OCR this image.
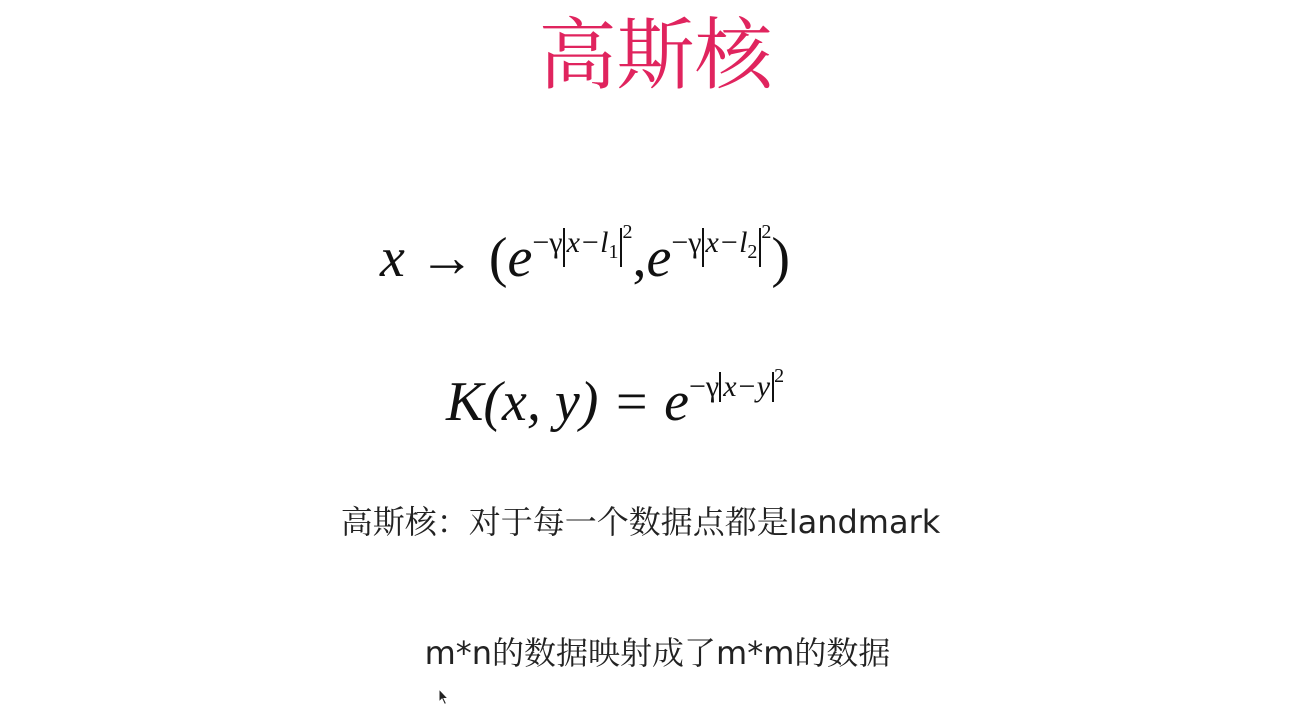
高斯核
$x \to (e^{-\gamma x-l_1^2},e^{-\gamma x-l_2^2})$
K(x, $y) = e^{-\gamma x-y ^2}$
高斯核：对于每一个数据点都是landmark
m*n的数据映射成了m*m的数据
